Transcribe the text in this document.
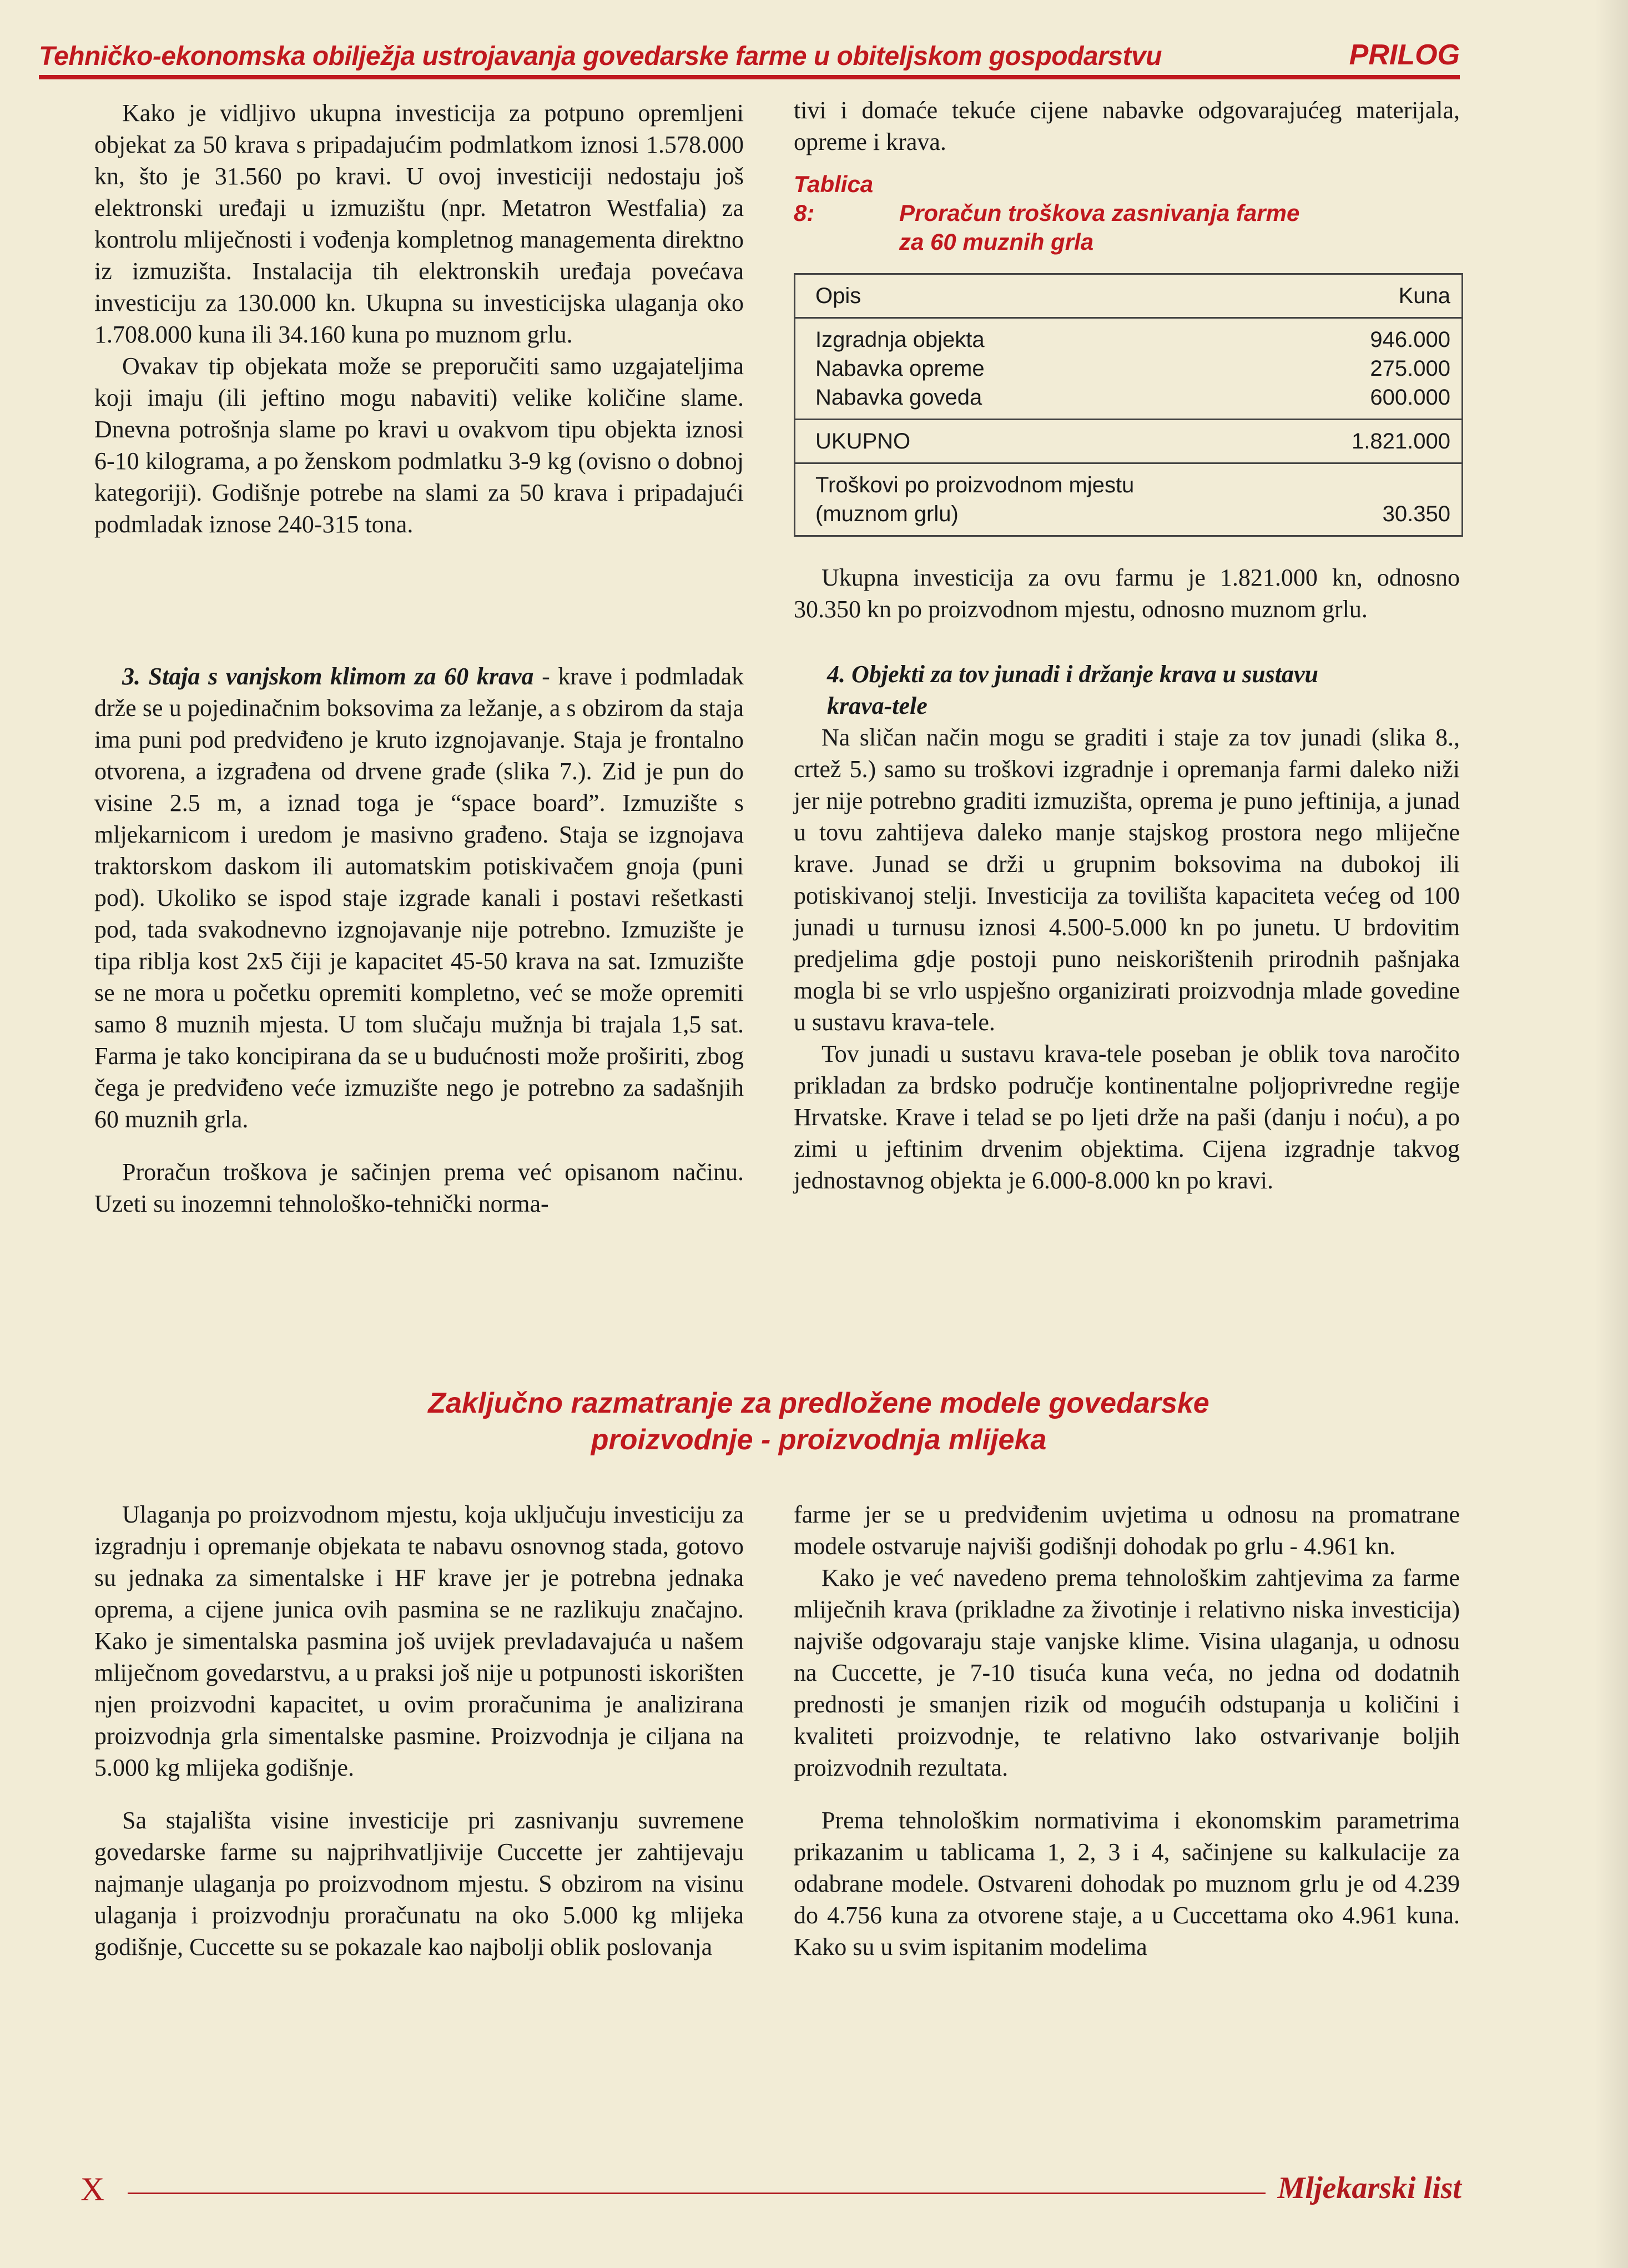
Tehničko-ekonomska obilježja ustrojavanja govedarske farme u obiteljskom gospodarstvu	PRILOG

Kako je vidljivo ukupna investicija za potpuno opremljeni objekat za 50 krava s pripadajućim podmlatkom iznosi 1.578.000 kn, što je 31.560 po kravi. U ovoj investiciji nedostaju još elektronski uređaji u izmuzištu (npr. Metatron Westfalia) za kontrolu mliječnosti i vođenja kompletnog managementa direktno iz izmuzišta. Instalacija tih elektronskih uređaja povećava investiciju za 130.000 kn. Ukupna su investicijska ulaganja oko 1.708.000 kuna ili 34.160 kuna po muznom grlu.

Ovakav tip objekata može se preporučiti samo uzgajateljima koji imaju (ili jeftino mogu nabaviti) velike količine slame. Dnevna potrošnja slame po kravi u ovakvom tipu objekta iznosi 6-10 kilograma, a po ženskom podmlatku 3-9 kg (ovisno o dobnoj kategoriji). Godišnje potrebe na slami za 50 krava i pripadajući podmladak iznose 240-315 tona.

3. Staja s vanjskom klimom za 60 krava - krave i podmladak drže se u pojedinačnim boksovima za ležanje, a s obzirom da staja ima puni pod predviđeno je kruto izgnojavanje. Staja je frontalno otvorena, a izgrađena od drvene građe (slika 7.). Zid je pun do visine 2.5 m, a iznad toga je “space board”. Izmuzište s mljekarnicom i uredom je masivno građeno. Staja se izgnojava traktorskom daskom ili automatskim potiskivačem gnoja (puni pod). Ukoliko se ispod staje izgrade kanali i postavi rešetkasti pod, tada svakodnevno izgnojavanje nije potrebno. Izmuzište je tipa riblja kost 2x5 čiji je kapacitet 45-50 krava na sat. Izmuzište se ne mora u početku opremiti kompletno, već se može opremiti samo 8 muznih mjesta. U tom slučaju mužnja bi trajala 1,5 sat. Farma je tako koncipirana da se u budućnosti može proširiti, zbog čega je predviđeno veće izmuzište nego je potrebno za sadašnjih 60 muznih grla.

Proračun troškova je sačinjen prema već opisanom načinu. Uzeti su inozemni tehnološko-tehnički norma-

tivi i domaće tekuće cijene nabavke odgovarajućeg materijala, opreme i krava.

Tablica 8:	Proračun troškova zasnivanja farme
za 60 muznih grla
Opis	Kuna
Izgradnja objekta	946.000
Nabavka opreme	275.000
Nabavka goveda	600.000
UKUPNO	1.821.000
Troškovi po proizvodnom mjestu
(muznom grlu)	30.350

Ukupna investicija za ovu farmu je 1.821.000 kn, odnosno 30.350 kn po proizvodnom mjestu, odnosno muznom grlu.

4. Objekti za tov junadi i držanje krava u sustavu
krava-tele

Na sličan način mogu se graditi i staje za tov junadi (slika 8., crtež 5.) samo su troškovi izgradnje i opremanja farmi daleko niži jer nije potrebno graditi izmuzišta, oprema je puno jeftinija, a junad u tovu zahtijeva daleko manje stajskog prostora nego mliječne krave. Junad se drži u grupnim boksovima na dubokoj ili potiskivanoj stelji. Investicija za tovilišta kapaciteta većeg od 100 junadi u turnusu iznosi 4.500-5.000 kn po junetu. U brdovitim predjelima gdje postoji puno neiskorištenih prirodnih pašnjaka mogla bi se vrlo uspješno organizirati proizvodnja mlade govedine u sustavu krava-tele.

Tov junadi u sustavu krava-tele poseban je oblik tova naročito prikladan za brdsko područje kontinentalne poljoprivredne regije Hrvatske. Krave i telad se po ljeti drže na paši (danju i noću), a po zimi u jeftinim drvenim objektima. Cijena izgradnje takvog jednostavnog objekta je 6.000-8.000 kn po kravi.

Zaključno razmatranje za predložene modele govedarske
proizvodnje - proizvodnja mlijeka

Ulaganja po proizvodnom mjestu, koja uključuju investiciju za izgradnju i opremanje objekata te nabavu osnovnog stada, gotovo su jednaka za simentalske i HF krave jer je potrebna jednaka oprema, a cijene junica ovih pasmina se ne razlikuju značajno. Kako je simentalska pasmina još uvijek prevladavajuća u našem mliječnom govedarstvu, a u praksi još nije u potpunosti iskorišten njen proizvodni kapacitet, u ovim proračunima je analizirana proizvodnja grla simentalske pasmine. Proizvodnja je ciljana na 5.000 kg mlijeka godišnje.

Sa stajališta visine investicije pri zasnivanju suvremene govedarske farme su najprihvatljivije Cuccette jer zahtijevaju najmanje ulaganja po proizvodnom mjestu. S obzirom na visinu ulaganja i proizvodnju proračunatu na oko 5.000 kg mlijeka godišnje, Cuccette su se pokazale kao najbolji oblik poslovanja

farme jer se u predviđenim uvjetima u odnosu na promatrane modele ostvaruje najviši godišnji dohodak po grlu - 4.961 kn.

Kako je već navedeno prema tehnološkim zahtjevima za farme mliječnih krava (prikladne za životinje i relativno niska investicija) najviše odgovaraju staje vanjske klime. Visina ulaganja, u odnosu na Cuccette, je 7-10 tisuća kuna veća, no jedna od dodatnih prednosti je smanjen rizik od mogućih odstupanja u količini i kvaliteti proizvodnje, te relativno lako ostvarivanje boljih proizvodnih rezultata.

Prema tehnološkim normativima i ekonomskim parametrima prikazanim u tablicama 1, 2, 3 i 4, sačinjene su kalkulacije za odabrane modele. Ostvareni dohodak po muznom grlu je od 4.239 do 4.756 kuna za otvorene staje, a u Cuccettama oko 4.961 kuna. Kako su u svim ispitanim modelima

X	Mljekarski list
